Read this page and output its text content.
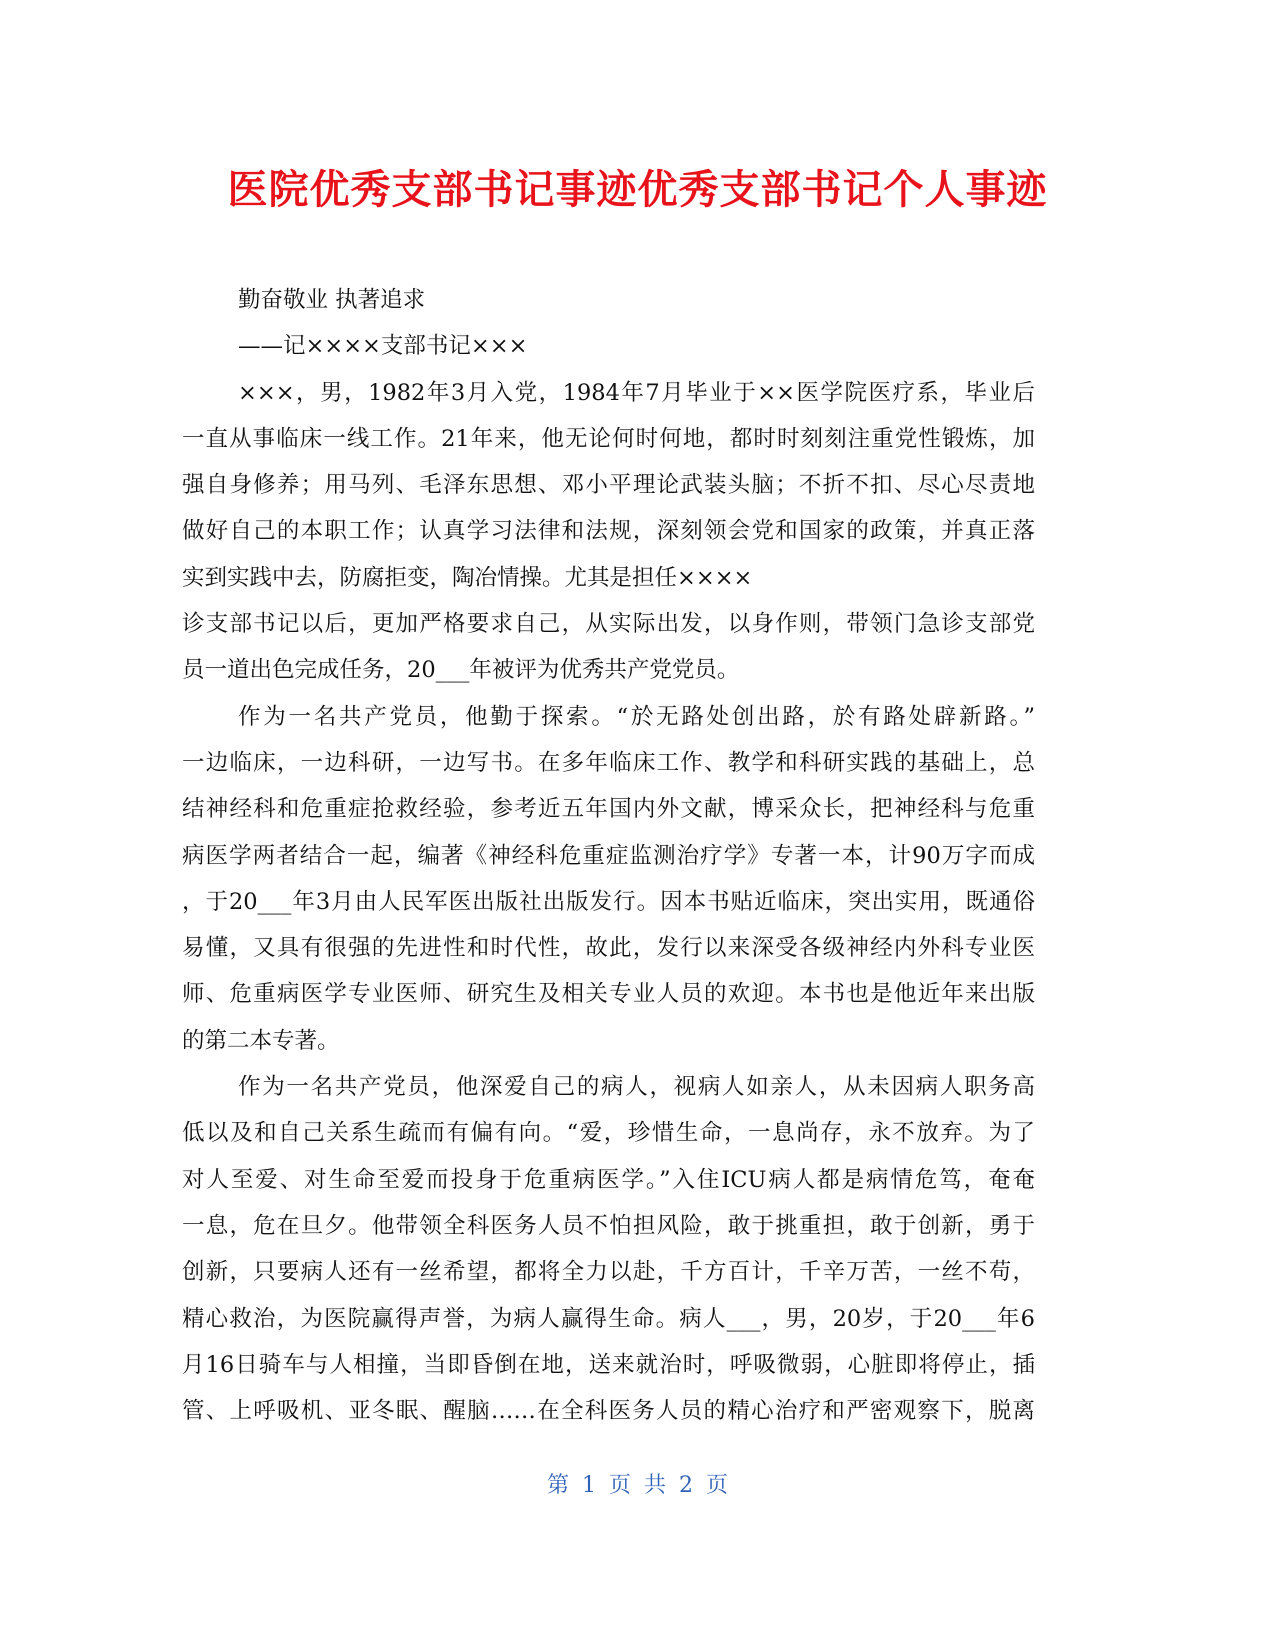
医院优秀支部书记事迹优秀支部书记个人事迹
勤奋敬业 执著追求
——记××××支部书记×××
×××，男，1982年3月入党，1984年7月毕业于××医学院医疗系，毕业后
一直从事临床一线工作。21年来，他无论何时何地，都时时刻刻注重党性锻炼，加
强自身修养；用马列、毛泽东思想、邓小平理论武装头脑；不折不扣、尽心尽责地
做好自己的本职工作；认真学习法律和法规，深刻领会党和国家的政策，并真正落
实到实践中去，防腐拒变，陶冶情操。尤其是担任××××
诊支部书记以后，更加严格要求自己，从实际出发，以身作则，带领门急诊支部党
员一道出色完成任务，20___年被评为优秀共产党党员。
作为一名共产党员，他勤于探索。“於无路处创出路，於有路处辟新路。”
一边临床，一边科研，一边写书。在多年临床工作、教学和科研实践的基础上，总
结神经科和危重症抢救经验，参考近五年国内外文献，博采众长，把神经科与危重
病医学两者结合一起，编著《神经科危重症监测治疗学》专著一本，计90万字而成
，于20___年3月由人民军医出版社出版发行。因本书贴近临床，突出实用，既通俗
易懂，又具有很强的先进性和时代性，故此，发行以来深受各级神经内外科专业医
师、危重病医学专业医师、研究生及相关专业人员的欢迎。本书也是他近年来出版
的第二本专著。
作为一名共产党员，他深爱自己的病人，视病人如亲人，从未因病人职务高
低以及和自己关系生疏而有偏有向。“爱，珍惜生命，一息尚存，永不放弃。为了
对人至爱、对生命至爱而投身于危重病医学。”入住ICU病人都是病情危笃，奄奄
一息，危在旦夕。他带领全科医务人员不怕担风险，敢于挑重担，敢于创新，勇于
创新，只要病人还有一丝希望，都将全力以赴，千方百计，千辛万苦，一丝不苟，
精心救治，为医院赢得声誉，为病人赢得生命。病人___，男，20岁，于20___年6
月16日骑车与人相撞，当即昏倒在地，送来就治时，呼吸微弱，心脏即将停止，插
管、上呼吸机、亚冬眠、醒脑……在全科医务人员的精心治疗和严密观察下，脱离
第 1 页 共 2 页
